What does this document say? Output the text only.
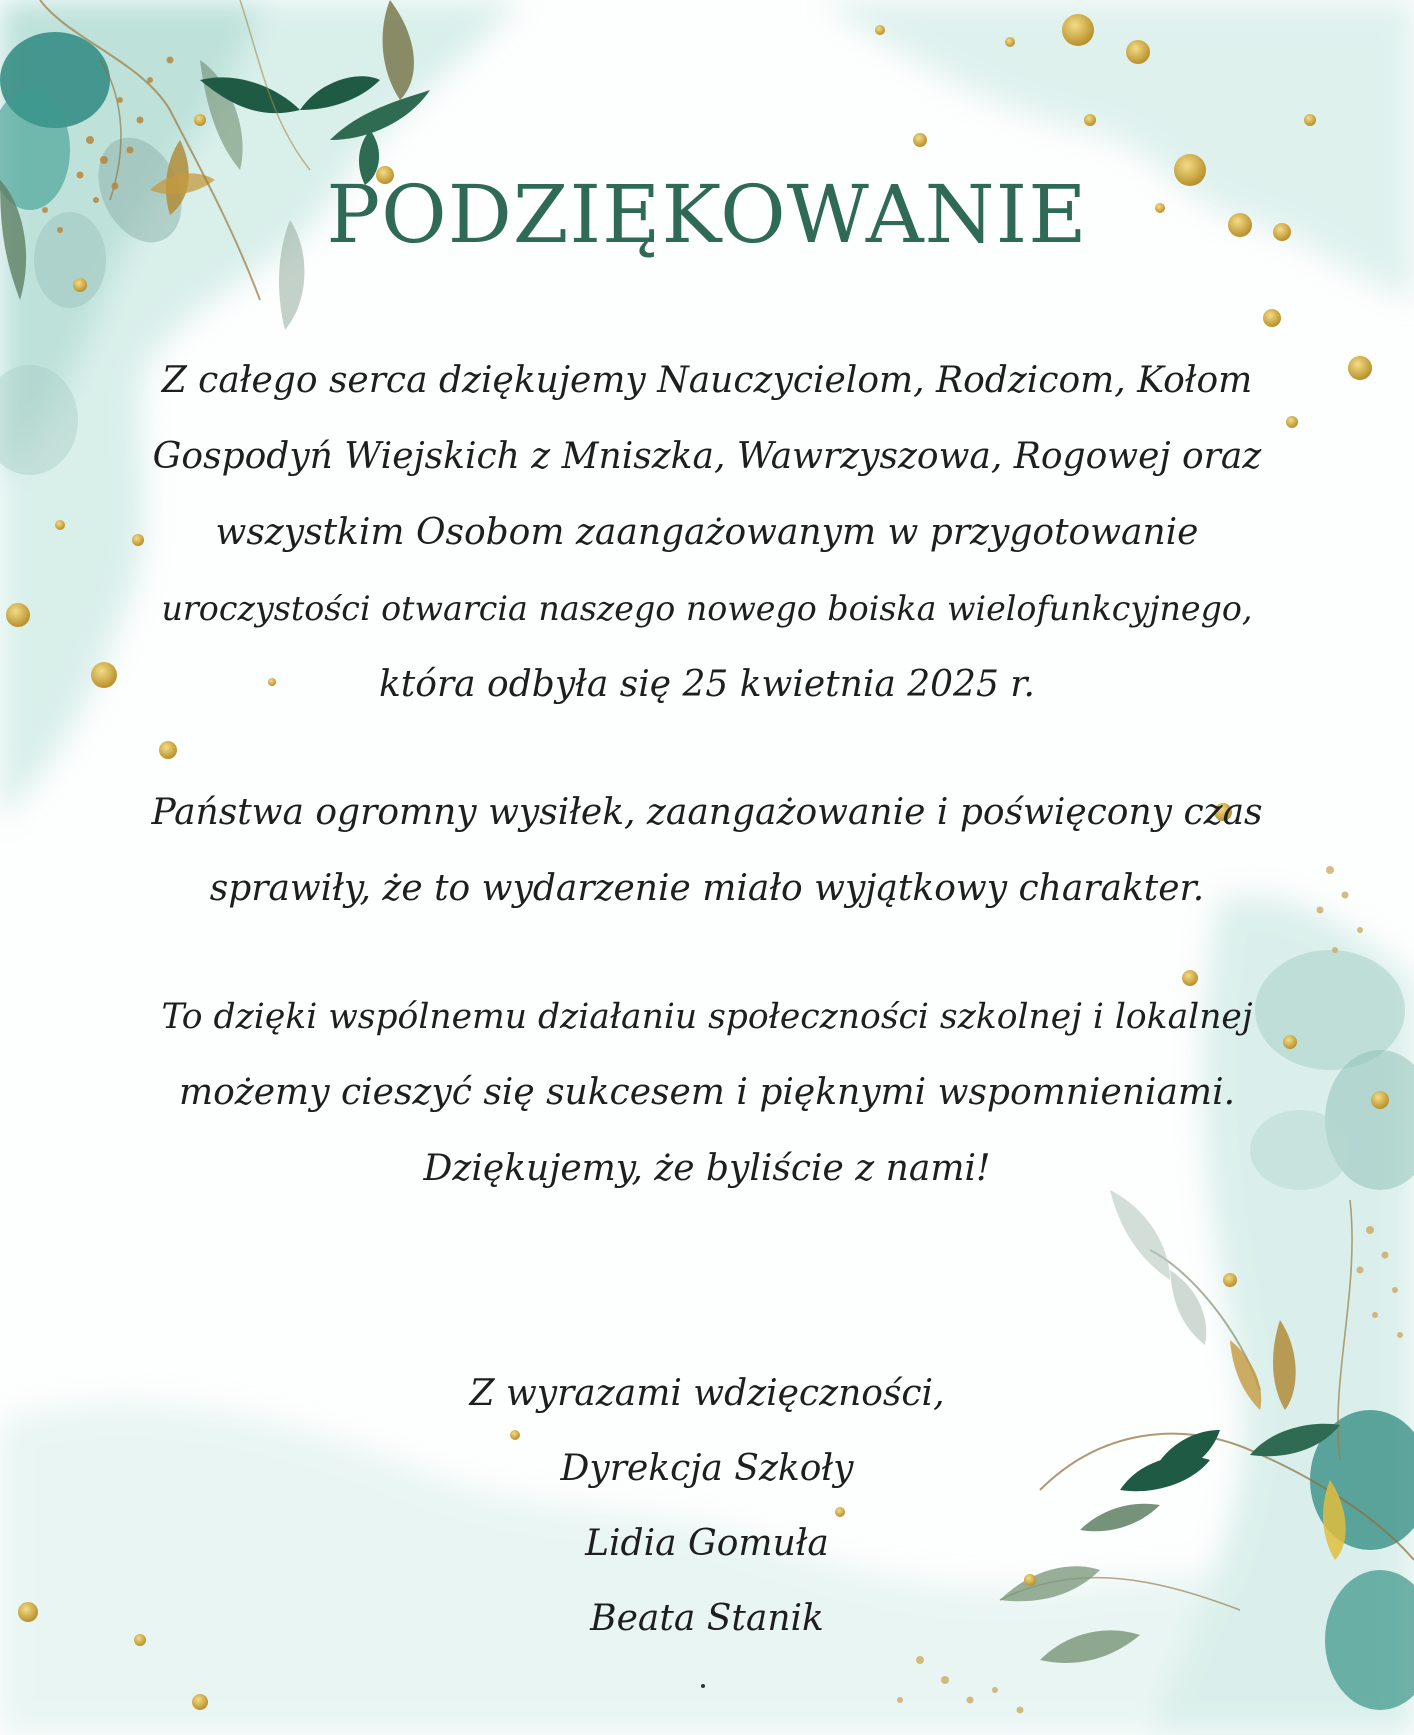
PODZIĘKOWANIE
Z całego serca dziękujemy Nauczycielom, Rodzicom, Kołom
Gospodyń Wiejskich z Mniszka, Wawrzyszowa, Rogowej oraz
wszystkim Osobom zaangażowanym w przygotowanie
uroczystości otwarcia naszego nowego boiska wielofunkcyjnego,
która odbyła się 25 kwietnia 2025 r.
Państwa ogromny wysiłek, zaangażowanie i poświęcony czas
sprawiły, że to wydarzenie miało wyjątkowy charakter.
To dzięki wspólnemu działaniu społeczności szkolnej i lokalnej
możemy cieszyć się sukcesem i pięknymi wspomnieniami.
Dziękujemy, że byliście z nami!
Z wyrazami wdzięczności,
Dyrekcja Szkoły
Lidia Gomuła
Beata Stanik
